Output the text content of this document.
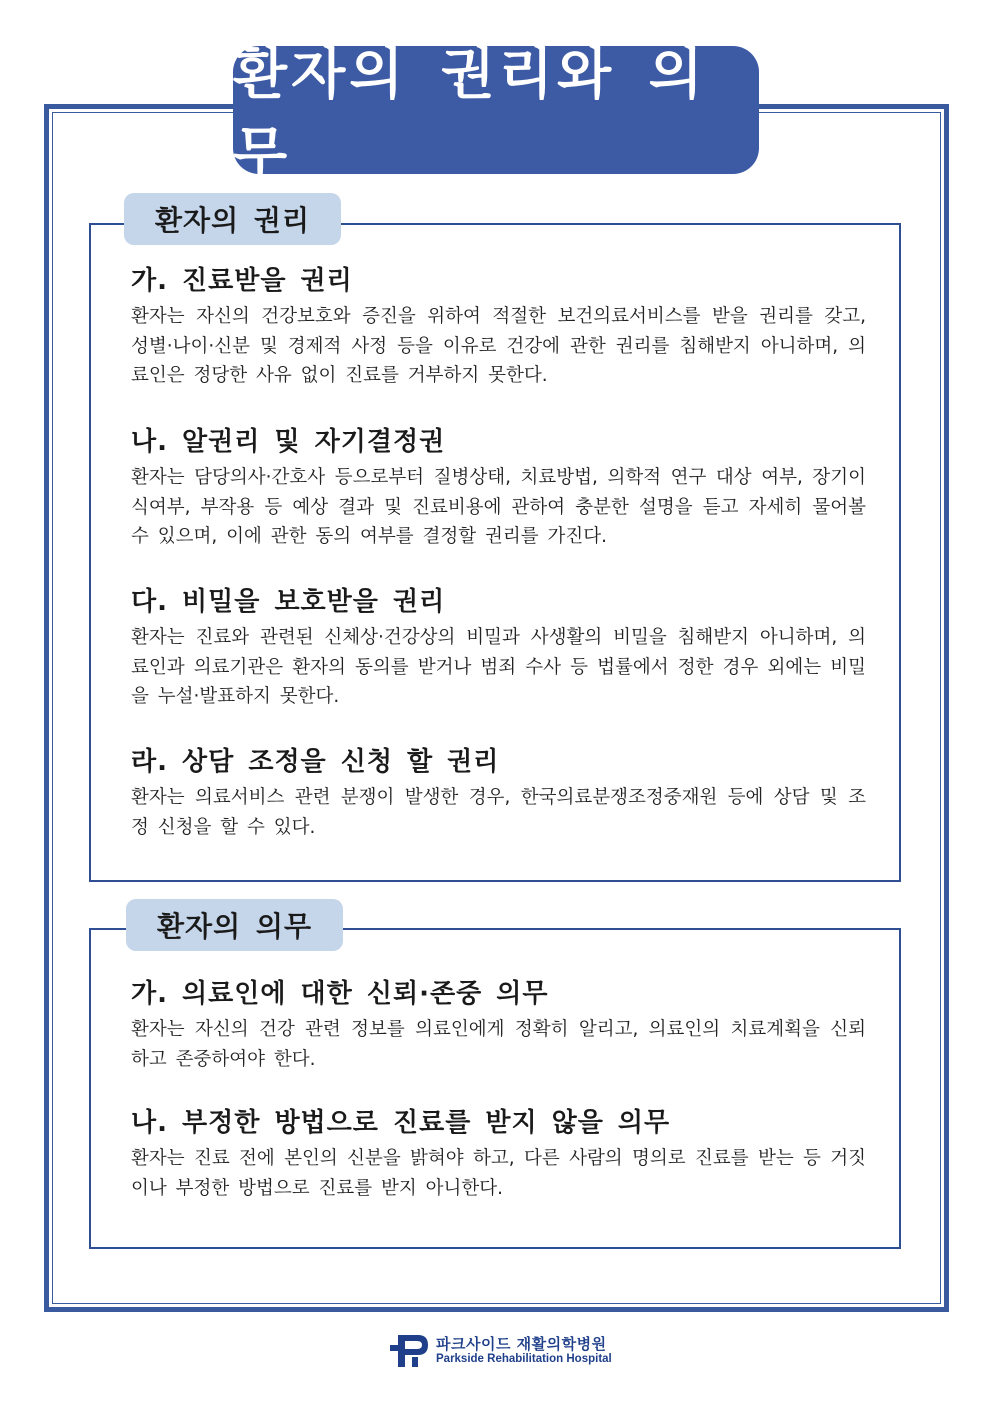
환자의 권리와 의무
환자의 권리
가. 진료받을 권리

환자는 자신의 건강보호와 증진을 위하여 적절한 보건의료서비스를 받을 권리를 갖고, 성별·나이·신분 및 경제적 사정 등을 이유로 건강에 관한 권리를 침해받지 아니하며, 의료인은 정당한 사유 없이 진료를 거부하지 못한다.

나. 알권리 및 자기결정권

환자는 담당의사·간호사 등으로부터 질병상태, 치료방법, 의학적 연구 대상 여부, 장기이식여부, 부작용 등 예상 결과 및 진료비용에 관하여 충분한 설명을 듣고 자세히 물어볼 수 있으며, 이에 관한 동의 여부를 결정할 권리를 가진다.

다. 비밀을 보호받을 권리

환자는 진료와 관련된 신체상·건강상의 비밀과 사생활의 비밀을 침해받지 아니하며, 의료인과 의료기관은 환자의 동의를 받거나 범죄 수사 등 법률에서 정한 경우 외에는 비밀을 누설·발표하지 못한다.

라. 상담 조정을 신청 할 권리

환자는 의료서비스 관련 분쟁이 발생한 경우, 한국의료분쟁조정중재원 등에 상담 및 조정 신청을 할 수 있다.

환자의 의무
가. 의료인에 대한 신뢰·존중 의무

환자는 자신의 건강 관련 정보를 의료인에게 정확히 알리고, 의료인의 치료계획을 신뢰하고 존중하여야 한다.

나. 부정한 방법으로 진료를 받지 않을 의무

환자는 진료 전에 본인의 신분을 밝혀야 하고, 다른 사람의 명의로 진료를 받는 등 거짓이나 부정한 방법으로 진료를 받지 아니한다.

파크사이드 재활의학병원
Parkside Rehabilitation Hospital
